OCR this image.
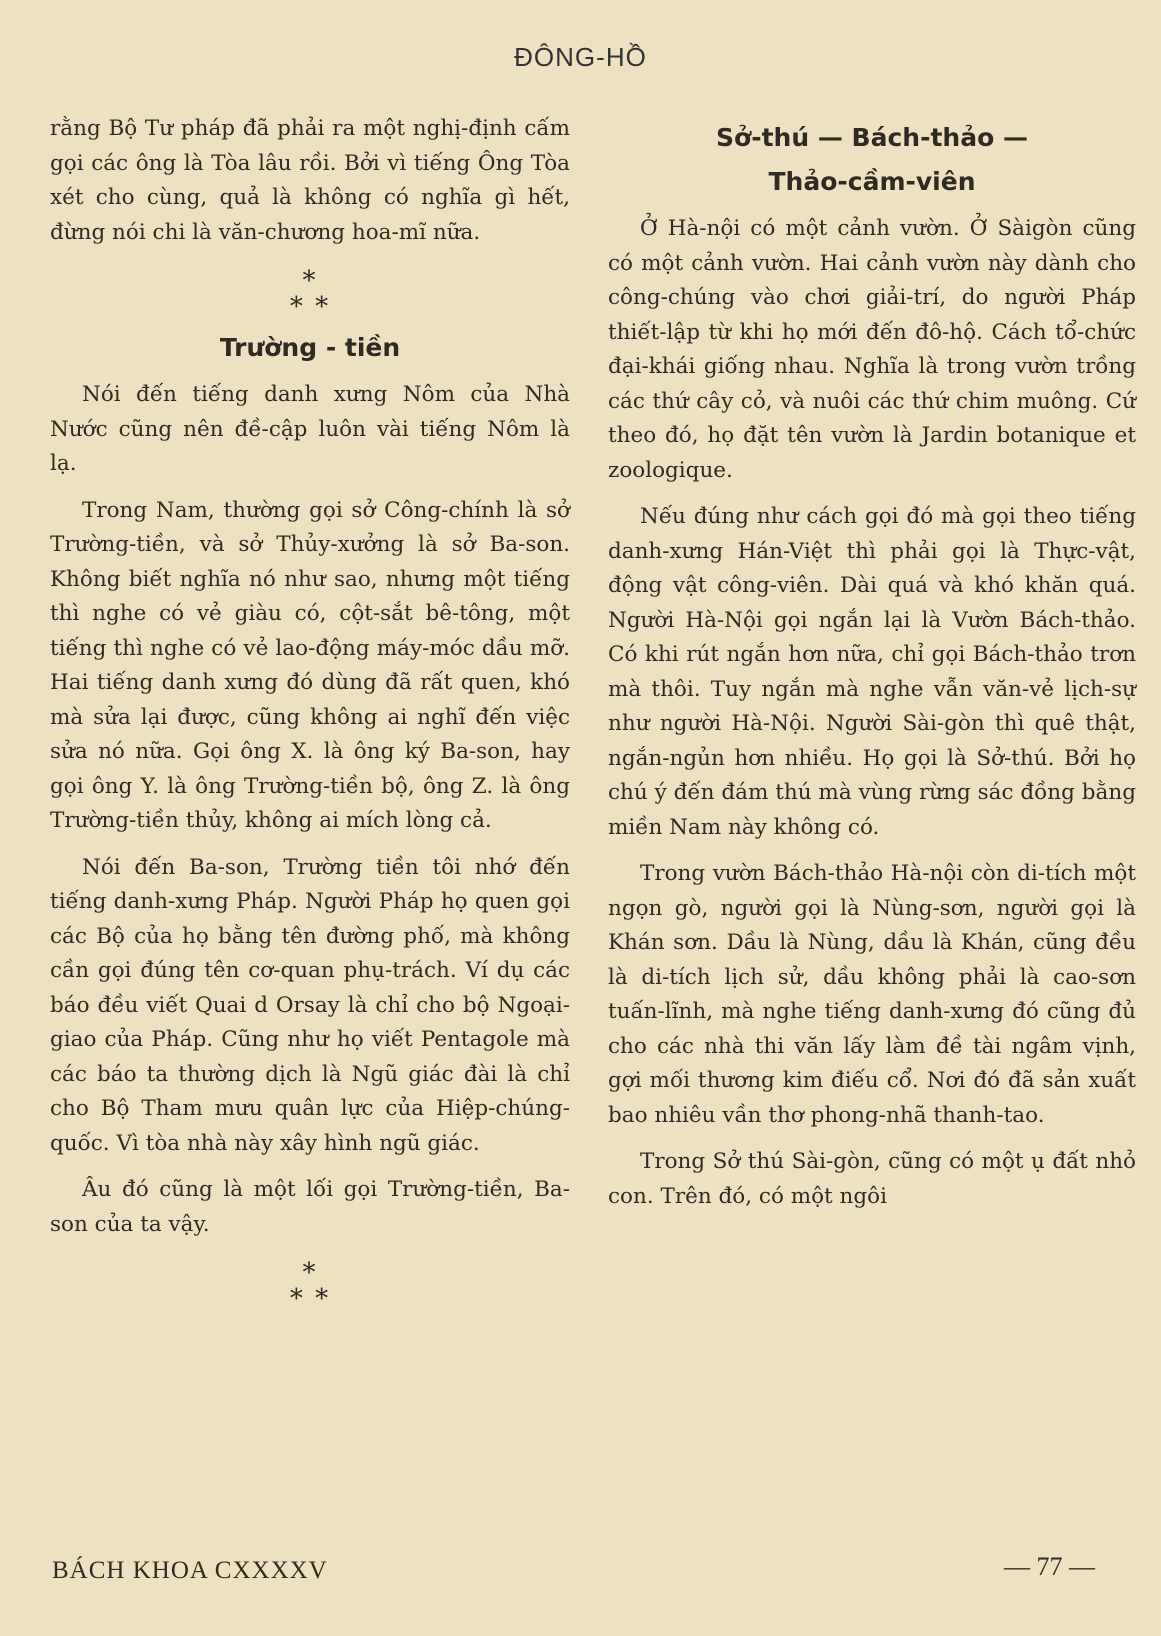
ĐÔNG-HỒ

rằng Bộ Tư pháp đã phải ra một nghị-định cấm gọi các ông là Tòa lâu rồi. Bởi vì tiếng Ông Tòa xét cho cùng, quả là không có nghĩa gì hết, đừng nói chi là văn-chương hoa-mĩ nữa.

*
* *
Trường - tiền

Nói đến tiếng danh xưng Nôm của Nhà Nước cũng nên đề-cập luôn vài tiếng Nôm là lạ.

Trong Nam, thường gọi sở Công-chính là sở Trường-tiền, và sở Thủy-xưởng là sở Ba-son. Không biết nghĩa nó như sao, nhưng một tiếng thì nghe có vẻ giàu có, cột-sắt bê-tông, một tiếng thì nghe có vẻ lao-động máy-móc dầu mỡ. Hai tiếng danh xưng đó dùng đã rất quen, khó mà sửa lại được, cũng không ai nghĩ đến việc sửa nó nữa. Gọi ông X. là ông ký Ba-son, hay gọi ông Y. là ông Trường-tiền bộ, ông Z. là ông Trường-tiền thủy, không ai mích lòng cả.

Nói đến Ba-son, Trường tiền tôi nhớ đến tiếng danh-xưng Pháp. Người Pháp họ quen gọi các Bộ của họ bằng tên đường phố, mà không cần gọi đúng tên cơ-quan phụ-trách. Ví dụ các báo đều viết Quai d Orsay là chỉ cho bộ Ngoại-giao của Pháp. Cũng như họ viết Pentagole mà các báo ta thường dịch là Ngũ giác đài là chỉ cho Bộ Tham mưu quân lực của Hiệp-chúng-quốc. Vì tòa nhà này xây hình ngũ giác.

Âu đó cũng là một lối gọi Trường-tiền, Ba-son của ta vậy.

*
* *
Sở-thú — Bách-thảo —
Thảo-cầm-viên

Ở Hà-nội có một cảnh vườn. Ở Sàigòn cũng có một cảnh vườn. Hai cảnh vườn này dành cho công-chúng vào chơi giải-trí, do người Pháp thiết-lập từ khi họ mới đến đô-hộ. Cách tổ-chức đại-khái giống nhau. Nghĩa là trong vườn trồng các thứ cây cỏ, và nuôi các thứ chim muông. Cứ theo đó, họ đặt tên vườn là Jardin botanique et zoologique.

Nếu đúng như cách gọi đó mà gọi theo tiếng danh-xưng Hán-Việt thì phải gọi là Thực-vật, động vật công-viên. Dài quá và khó khăn quá. Người Hà-Nội gọi ngắn lại là Vườn Bách-thảo. Có khi rút ngắn hơn nữa, chỉ gọi Bách-thảo trơn mà thôi. Tuy ngắn mà nghe vẫn văn-vẻ lịch-sự như người Hà-Nội. Người Sài-gòn thì quê thật, ngắn-ngủn hơn nhiều. Họ gọi là Sở-thú. Bởi họ chú ý đến đám thú mà vùng rừng sác đồng bằng miền Nam này không có.

Trong vườn Bách-thảo Hà-nội còn di-tích một ngọn gò, người gọi là Nùng-sơn, người gọi là Khán sơn. Dầu là Nùng, dầu là Khán, cũng đều là di-tích lịch sử, dầu không phải là cao-sơn tuấn-lĩnh, mà nghe tiếng danh-xưng đó cũng đủ cho các nhà thi văn lấy làm đề tài ngâm vịnh, gợi mối thương kim điếu cổ. Nơi đó đã sản xuất bao nhiêu vần thơ phong-nhã thanh-tao.

Trong Sở thú Sài-gòn, cũng có một ụ đất nhỏ con. Trên đó, có một ngôi

BÁCH KHOA CXXXXV	— 77 —
